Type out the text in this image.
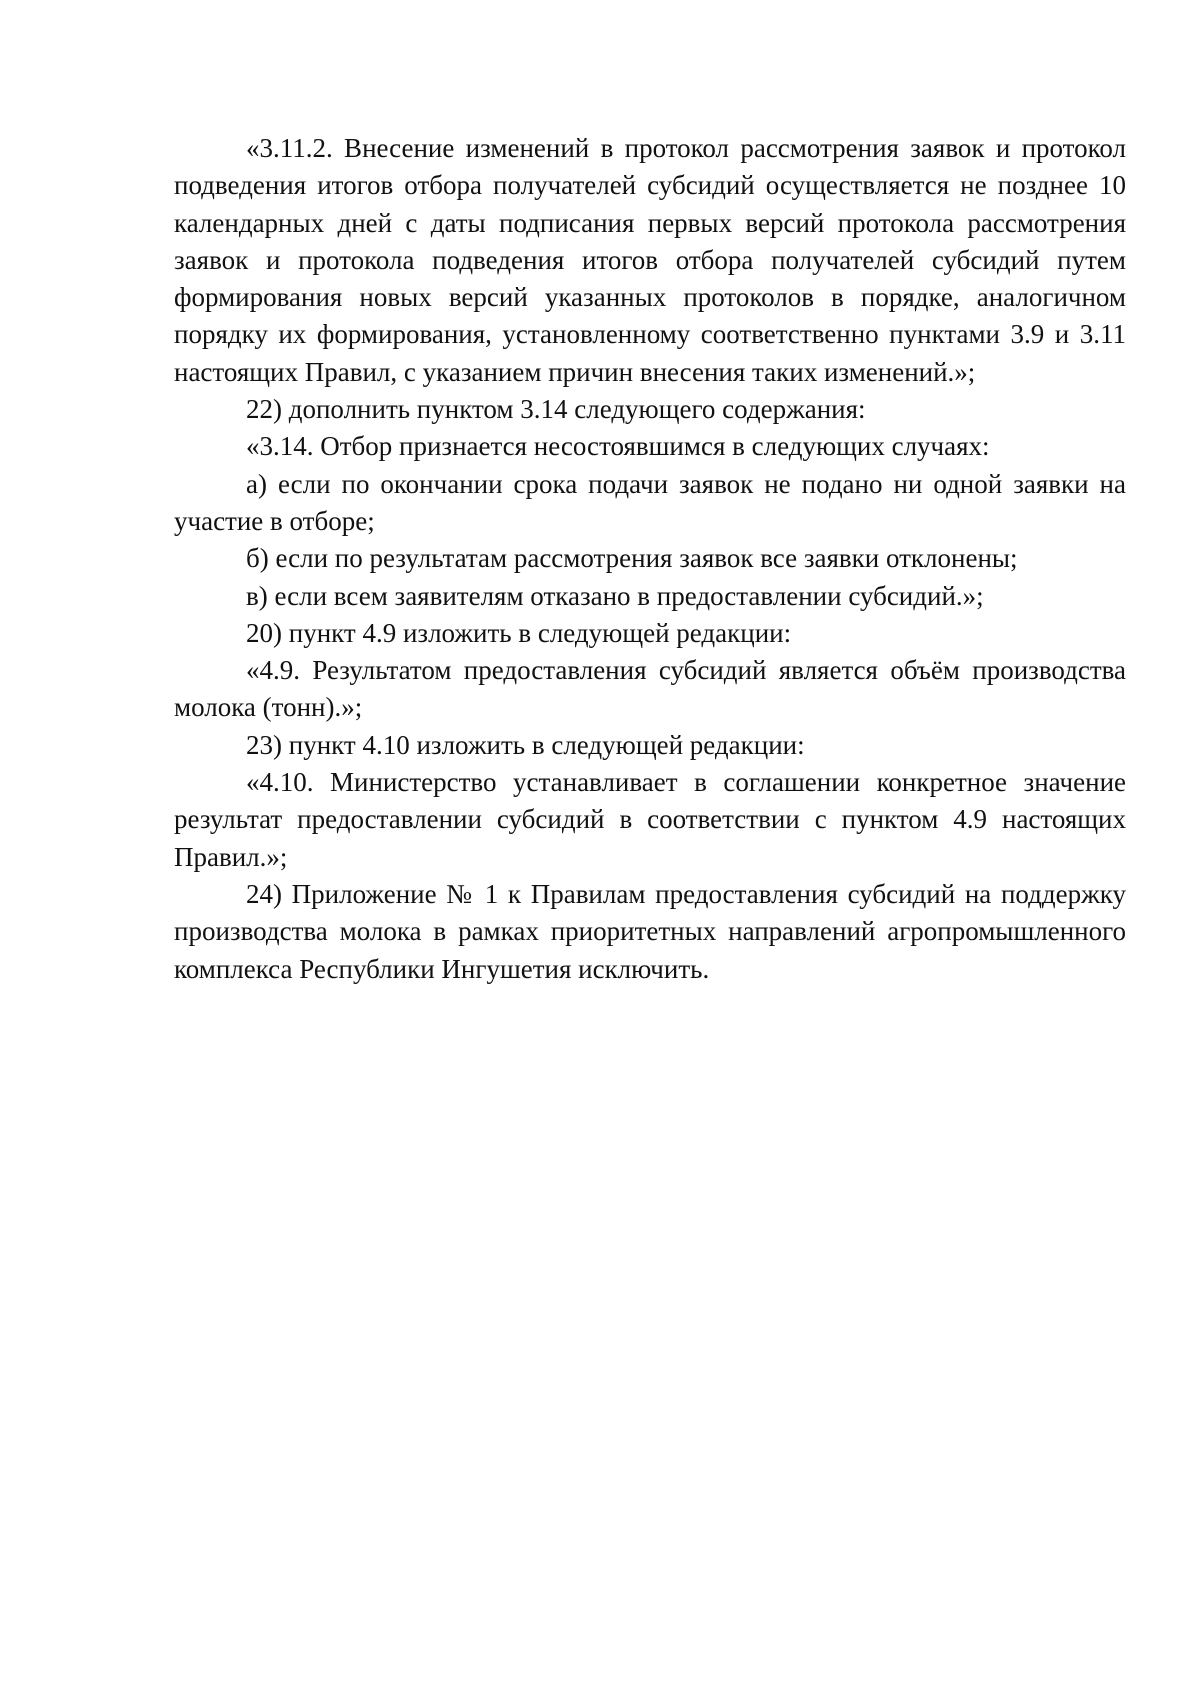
«3.11.2. Внесение изменений в протокол рассмотрения заявок и протокол подведения итогов отбора получателей субсидий осуществляется не позднее 10 календарных дней с даты подписания первых версий протокола рассмотрения заявок и протокола подведения итогов отбора получателей субсидий путем формирования новых версий указанных протоколов в порядке, аналогичном порядку их формирования, установленному соответственно пунктами 3.9 и 3.11 настоящих Правил, с указанием причин внесения таких изменений.»;

22) дополнить пунктом 3.14 следующего содержания:

«3.14. Отбор признается несостоявшимся в следующих случаях:

а) если по окончании срока подачи заявок не подано ни одной заявки на участие в отборе;

б) если по результатам рассмотрения заявок все заявки отклонены;

в) если всем заявителям отказано в предоставлении субсидий.»;

20) пункт 4.9 изложить в следующей редакции:

«4.9. Результатом предоставления субсидий является объём производства молока (тонн).»;

23) пункт 4.10 изложить в следующей редакции:

«4.10. Министерство устанавливает в соглашении конкретное значение результат предоставлении субсидий в соответствии с пунктом 4.9 настоящих Правил.»;

24) Приложение № 1 к Правилам предоставления субсидий на поддержку производства молока в рамках приоритетных направлений агропромышленного комплекса Республики Ингушетия исключить.
